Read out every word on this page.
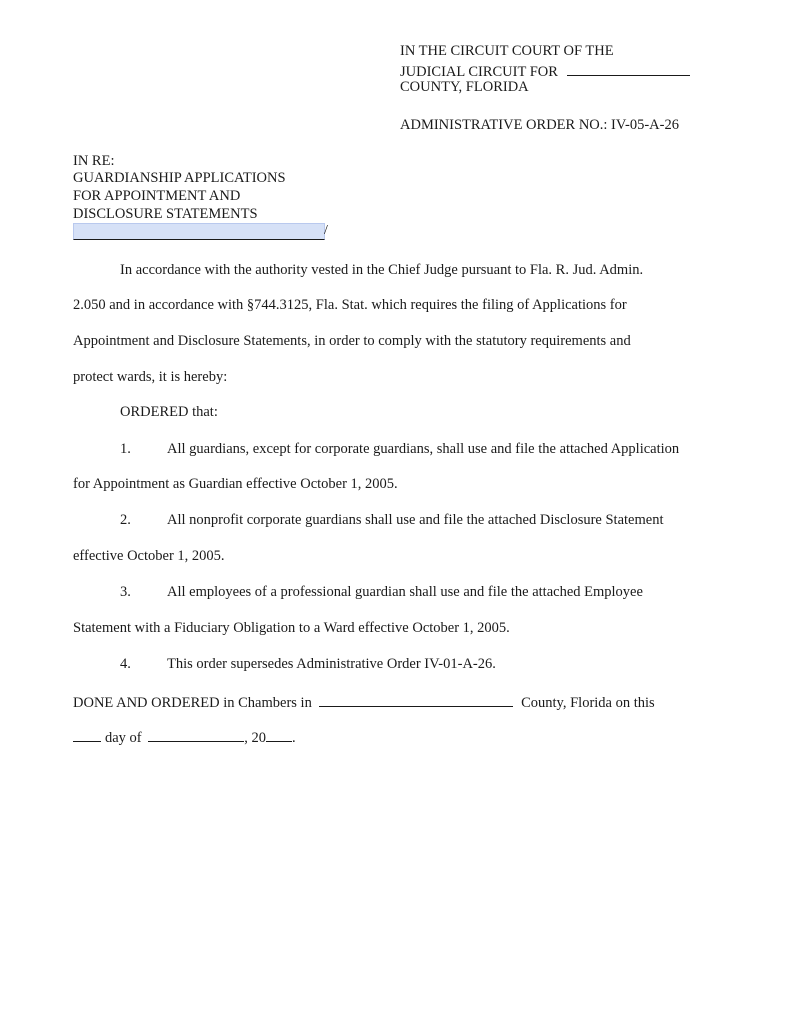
IN THE CIRCUIT COURT OF THE
JUDICIAL CIRCUIT FOR
COUNTY, FLORIDA
ADMINISTRATIVE ORDER NO.: IV-05-A-26
IN RE:
GUARDIANSHIP APPLICATIONS
FOR APPOINTMENT AND
DISCLOSURE STATEMENTS
/
In accordance with the authority vested in the Chief Judge pursuant to Fla. R. Jud. Admin.
2.050 and in accordance with §744.3125, Fla. Stat. which requires the filing of Applications for
Appointment and Disclosure Statements, in order to comply with the statutory requirements and
protect wards, it is hereby:
ORDERED that:
1. All guardians, except for corporate guardians, shall use and file the attached Application
for Appointment as Guardian effective October 1, 2005.
2. All nonprofit corporate guardians shall use and file the attached Disclosure Statement
effective October 1, 2005.
3. All employees of a professional guardian shall use and file the attached Employee
Statement with a Fiduciary Obligation to a Ward effective October 1, 2005.
4. This order supersedes Administrative Order IV-01-A-26.
DONE AND ORDERED in Chambers in	County, Florida on this
day of	, 20 .
